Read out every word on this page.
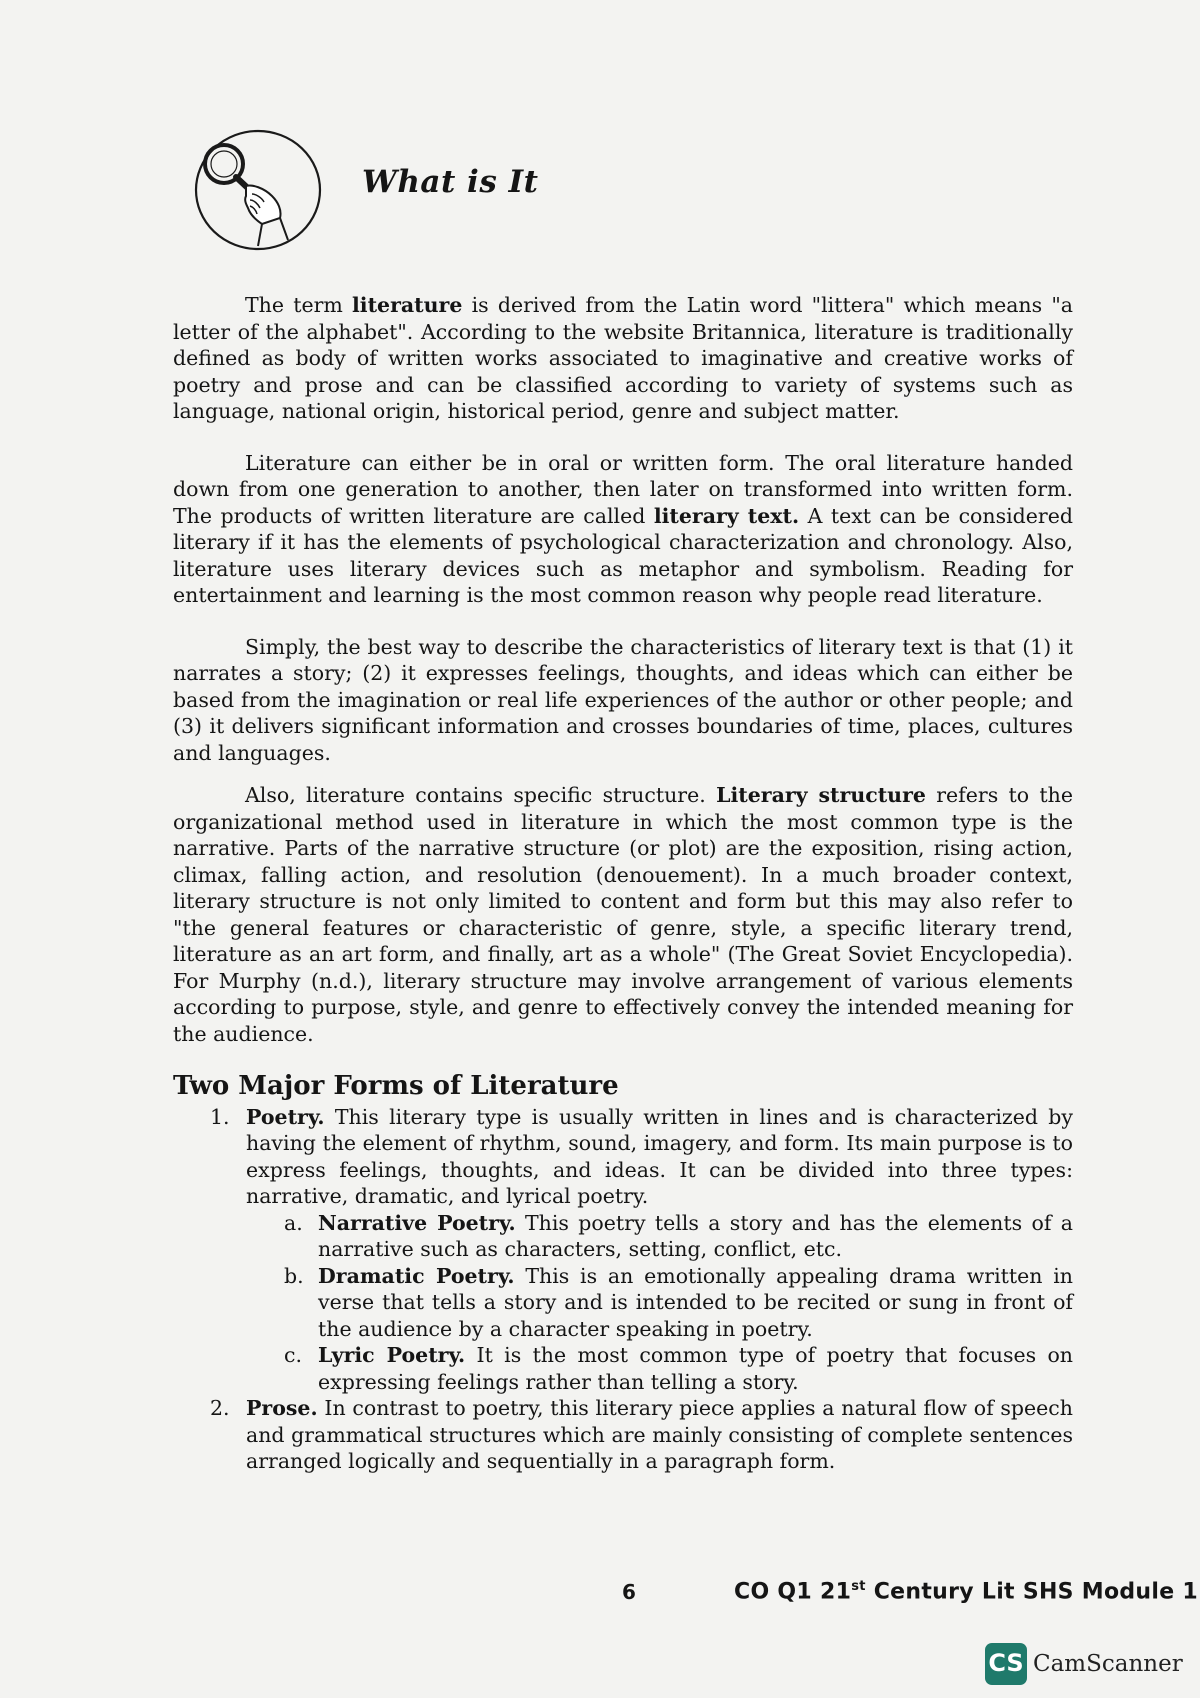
What is It

The term literature is derived from the Latin word "littera" which means "a letter of the alphabet". According to the website Britannica, literature is traditionally defined as body of written works associated to imaginative and creative works of poetry and prose and can be classified according to variety of systems such as language, national origin, historical period, genre and subject matter.

Literature can either be in oral or written form. The oral literature handed down from one generation to another, then later on transformed into written form. The products of written literature are called literary text. A text can be considered literary if it has the elements of psychological characterization and chronology. Also, literature uses literary devices such as metaphor and symbolism. Reading for entertainment and learning is the most common reason why people read literature.

Simply, the best way to describe the characteristics of literary text is that (1) it narrates a story; (2) it expresses feelings, thoughts, and ideas which can either be based from the imagination or real life experiences of the author or other people; and (3) it delivers significant information and crosses boundaries of time, places, cultures and languages.

Also, literature contains specific structure. Literary structure refers to the organizational method used in literature in which the most common type is the narrative. Parts of the narrative structure (or plot) are the exposition, rising action, climax, falling action, and resolution (denouement). In a much broader context, literary structure is not only limited to content and form but this may also refer to "the general features or characteristic of genre, style, a specific literary trend, literature as an art form, and finally, art as a whole" (The Great Soviet Encyclopedia). For Murphy (n.d.), literary structure may involve arrangement of various elements according to purpose, style, and genre to effectively convey the intended meaning for the audience.

Two Major Forms of Literature

1. Poetry. This literary type is usually written in lines and is characterized by having the element of rhythm, sound, imagery, and form. Its main purpose is to express feelings, thoughts, and ideas. It can be divided into three types: narrative, dramatic, and lyrical poetry.

a. Narrative Poetry. This poetry tells a story and has the elements of a narrative such as characters, setting, conflict, etc.

b. Dramatic Poetry. This is an emotionally appealing drama written in verse that tells a story and is intended to be recited or sung in front of the audience by a character speaking in poetry.

c. Lyric Poetry. It is the most common type of poetry that focuses on expressing feelings rather than telling a story.

2. Prose. In contrast to poetry, this literary piece applies a natural flow of speech and grammatical structures which are mainly consisting of complete sentences arranged logically and sequentially in a paragraph form.

6	CO Q1 21st Century Lit SHS Module 1
CS CamScanner
